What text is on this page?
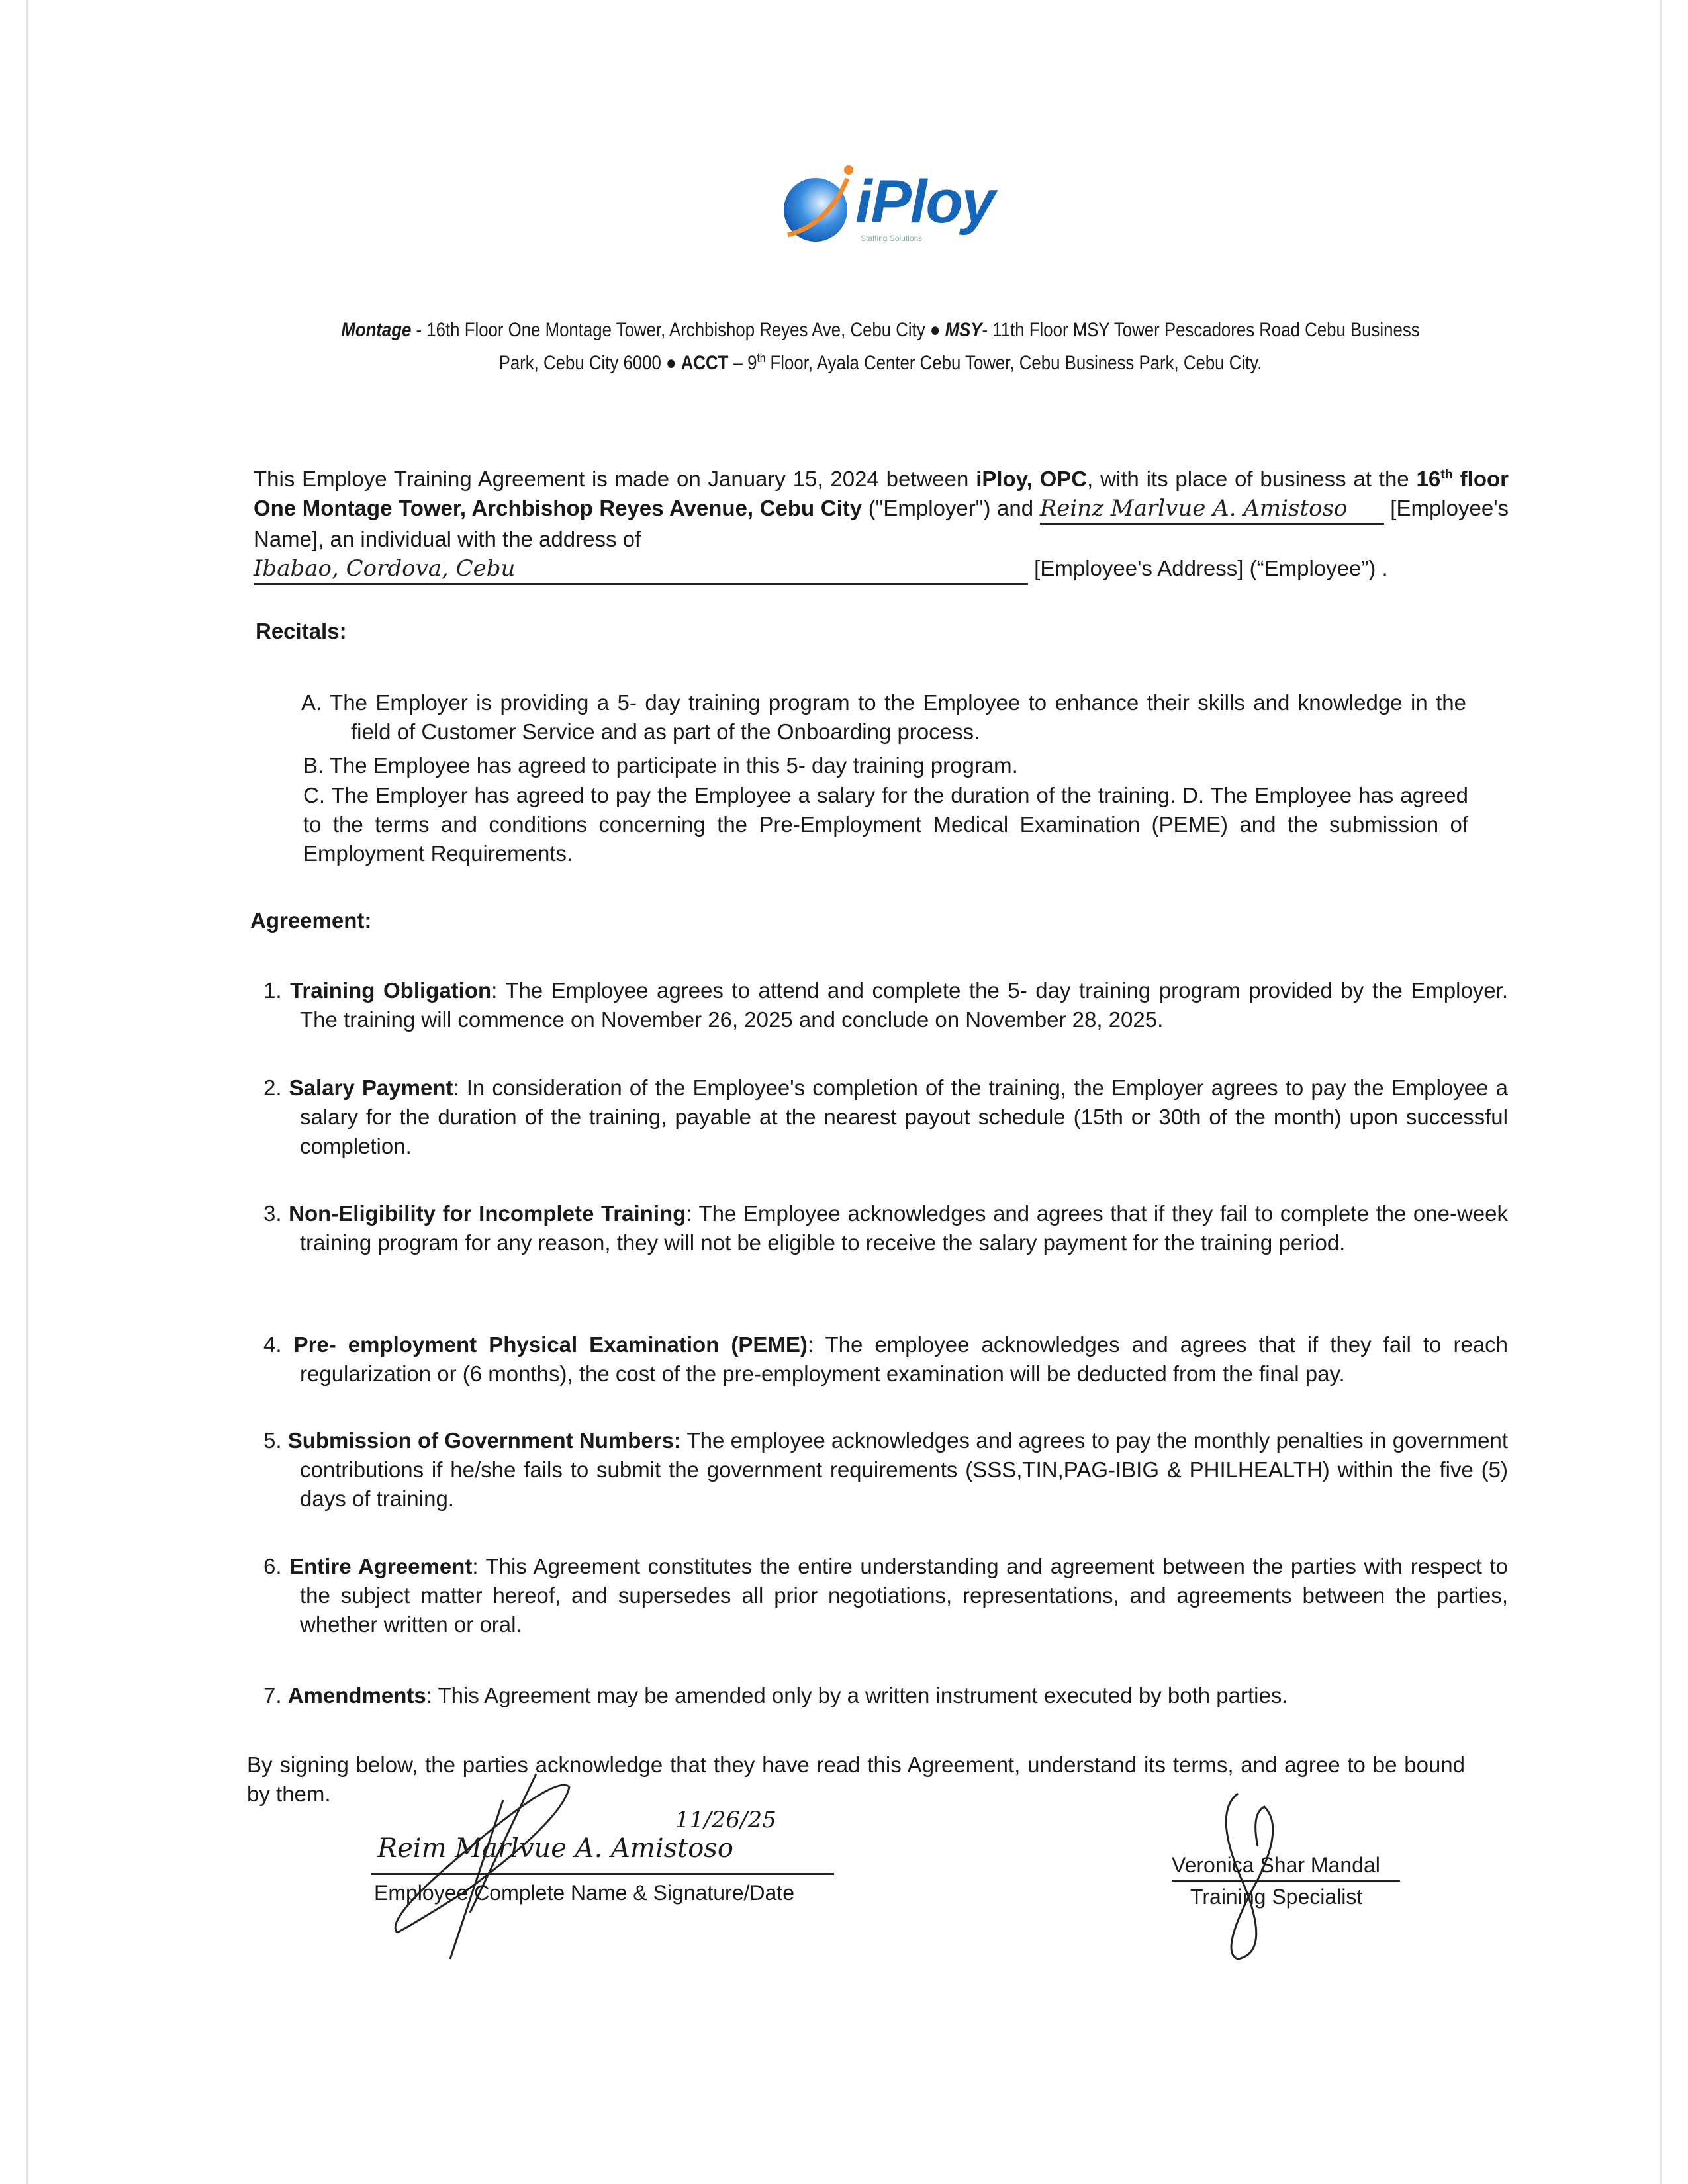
iPloy
Staffing Solutions
Montage - 16th Floor One Montage Tower, Archbishop Reyes Ave, Cebu City ● MSY- 11th Floor MSY Tower Pescadores Road Cebu Business Park, Cebu City 6000 ● ACCT – 9th Floor, Ayala Center Cebu Tower, Cebu Business Park, Cebu City.
This Employe Training Agreement is made on January 15, 2024 between iPloy, OPC, with its place of business at the 16th floor One Montage Tower, Archbishop Reyes Avenue, Cebu City ("Employer") and Reinz Marlvue A. Amistoso [Employee's Name], an individual with the address of
Ibabao, Cordova, Cebu	[Employee's Address] (“Employee”) .
Recitals:
A. The Employer is providing a 5- day training program to the Employee to enhance their skills and knowledge in the field of Customer Service and as part of the Onboarding process.
B. The Employee has agreed to participate in this 5- day training program.
C. The Employer has agreed to pay the Employee a salary for the duration of the training. D. The Employee has agreed to the terms and conditions concerning the Pre-Employment Medical Examination (PEME) and the submission of Employment Requirements.
Agreement:
1. Training Obligation: The Employee agrees to attend and complete the 5- day training program provided by the Employer. The training will commence on November 26, 2025 and conclude on November 28, 2025.
2. Salary Payment: In consideration of the Employee's completion of the training, the Employer agrees to pay the Employee a salary for the duration of the training, payable at the nearest payout schedule (15th or 30th of the month) upon successful completion.
3. Non-Eligibility for Incomplete Training: The Employee acknowledges and agrees that if they fail to complete the one-week training program for any reason, they will not be eligible to receive the salary payment for the training period.
4. Pre- employment Physical Examination (PEME): The employee acknowledges and agrees that if they fail to reach regularization or (6 months), the cost of the pre-employment examination will be deducted from the final pay.
5. Submission of Government Numbers: The employee acknowledges and agrees to pay the monthly penalties in government contributions if he/she fails to submit the government requirements (SSS,TIN,PAG-IBIG & PHILHEALTH) within the five (5) days of training.
6. Entire Agreement: This Agreement constitutes the entire understanding and agreement between the parties with respect to the subject matter hereof, and supersedes all prior negotiations, representations, and agreements between the parties, whether written or oral.
7. Amendments: This Agreement may be amended only by a written instrument executed by both parties.
By signing below, the parties acknowledge that they have read this Agreement, understand its terms, and agree to be bound by them.
Reim Marlvue A. Amistoso
11/26/25
Employee Complete Name & Signature/Date
Veronica Shar Mandal
Training Specialist
